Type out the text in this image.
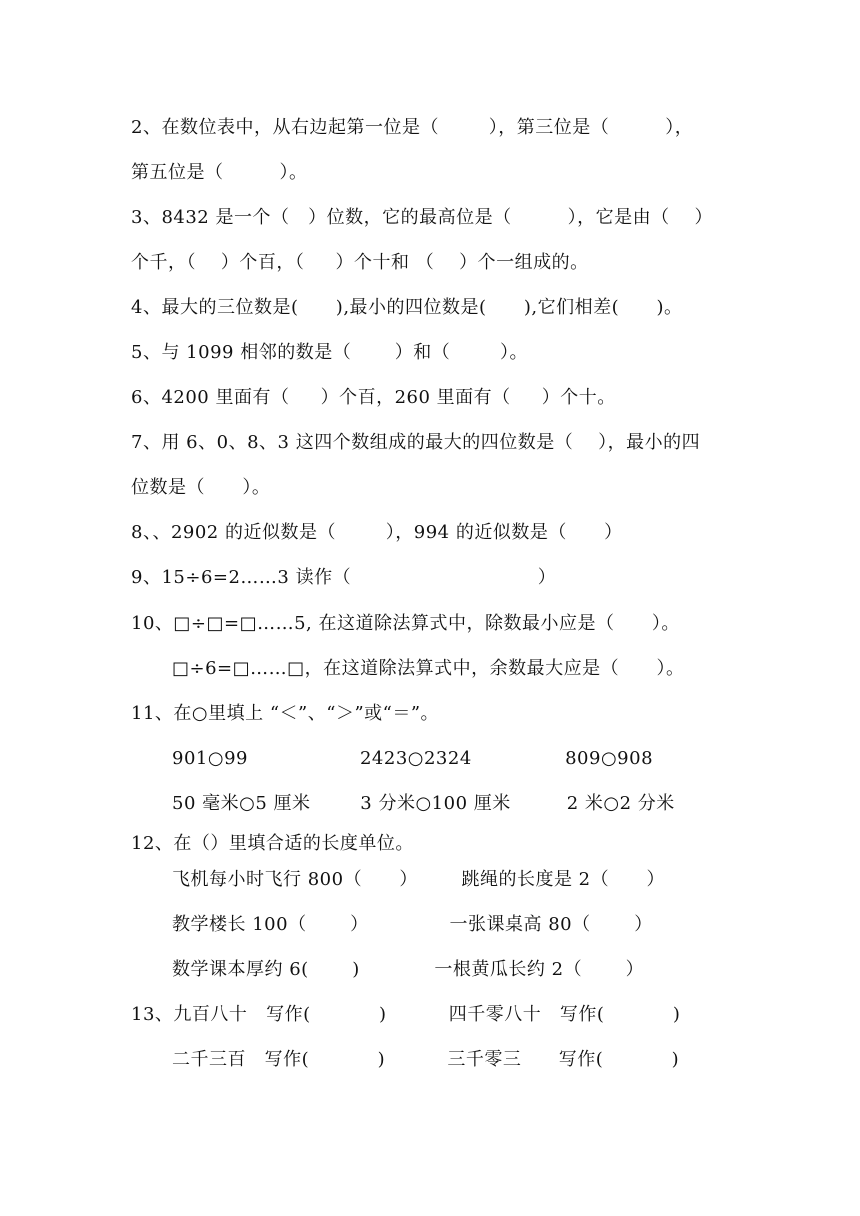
2、在数位表中，从右边起第一位是（        ），第三位是（         ），

第五位是（         ）。

3、8432 是一个（   ）位数，它的最高位是（         ），它是由（    ）

个千，（    ）个百，（     ）个十和 （    ）个一组成的。

4、最大的三位数是(      ),最小的四位数是(      ),它们相差(      )。

5、与 1099 相邻的数是（       ）和（        ）。

6、4200 里面有（     ）个百，260 里面有（     ）个十。

7、用 6、0、8、3 这四个数组成的最大的四位数是（    ），最小的四

位数是（      ）。

8、、2902 的近似数是（        ），994 的近似数是（      ）

9、15÷6=2……3 读作（                              ）

10、□÷□=□……5, 在这道除法算式中，除数最小应是（      ）。

□÷6=□……□，在这道除法算式中，余数最大应是（      ）。

11、在○里填上 “＜”、“＞”或“＝”。

901○99                  2423○2324               809○908

50 毫米○5 厘米        3 分米○100 厘米         2 米○2 分米

12、在（）里填合适的长度单位。

飞机每小时飞行 800（      ）       跳绳的长度是 2（      ）

教学楼长 100（       ）             一张课桌高 80（       ）

数学课本厚约 6(       )            一根黄瓜长约 2（       ）

13、九百八十   写作(           )          四千零八十   写作(           )

二千三百   写作(           )          三千零三      写作(           )
